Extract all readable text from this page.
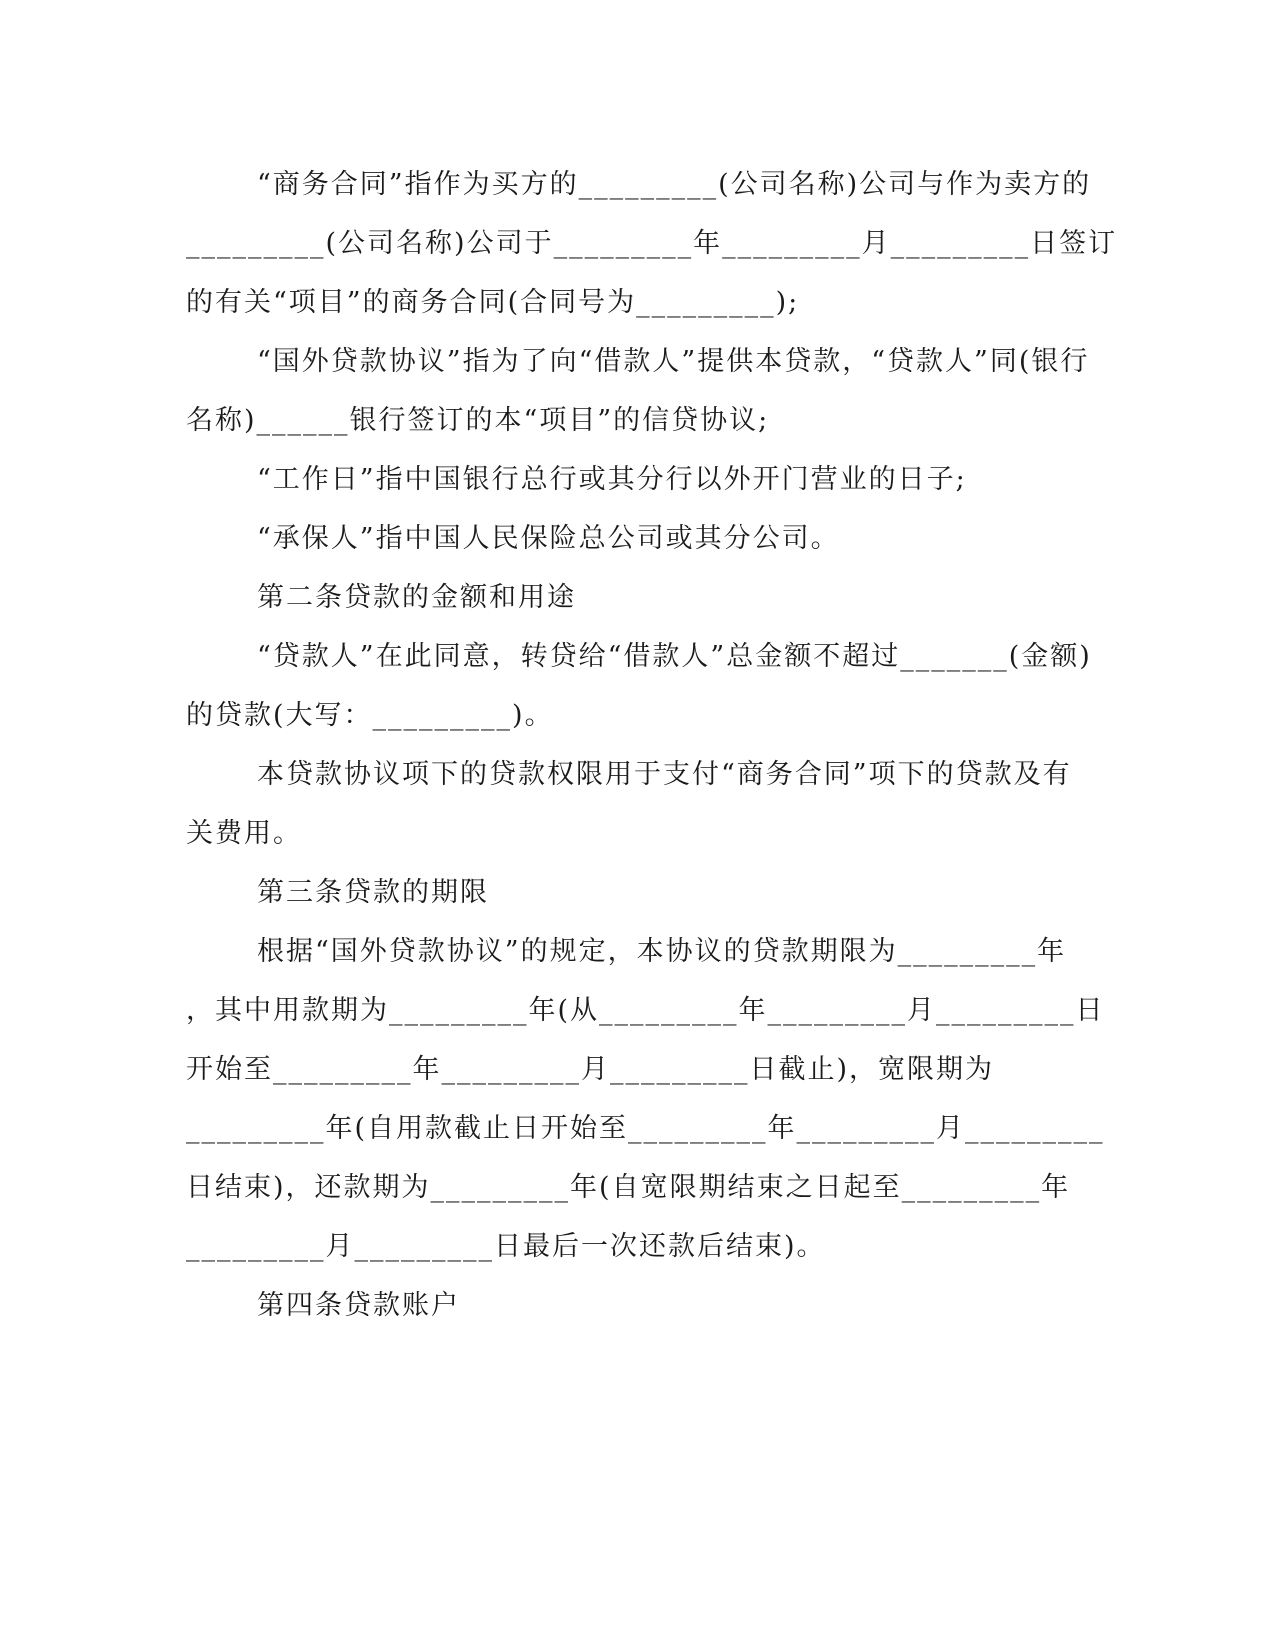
“商务合同”指作为买方的_________(公司名称)公司与作为卖方的
_________(公司名称)公司于_________年_________月_________日签订
的有关“项目”的商务合同(合同号为_________);
“国外贷款协议”指为了向“借款人”提供本贷款，“贷款人”同(银行
名称)______银行签订的本“项目”的信贷协议;
“工作日”指中国银行总行或其分行以外开门营业的日子;
“承保人”指中国人民保险总公司或其分公司。
第二条贷款的金额和用途
“贷款人”在此同意，转贷给“借款人”总金额不超过_______(金额)
的贷款(大写：_________)。
本贷款协议项下的贷款权限用于支付“商务合同”项下的贷款及有
关费用。
第三条贷款的期限
根据“国外贷款协议”的规定，本协议的贷款期限为_________年
，其中用款期为_________年(从_________年_________月_________日
开始至_________年_________月_________日截止)，宽限期为
_________年(自用款截止日开始至_________年_________月_________
日结束)，还款期为_________年(自宽限期结束之日起至_________年
_________月_________日最后一次还款后结束)。
第四条贷款账户
